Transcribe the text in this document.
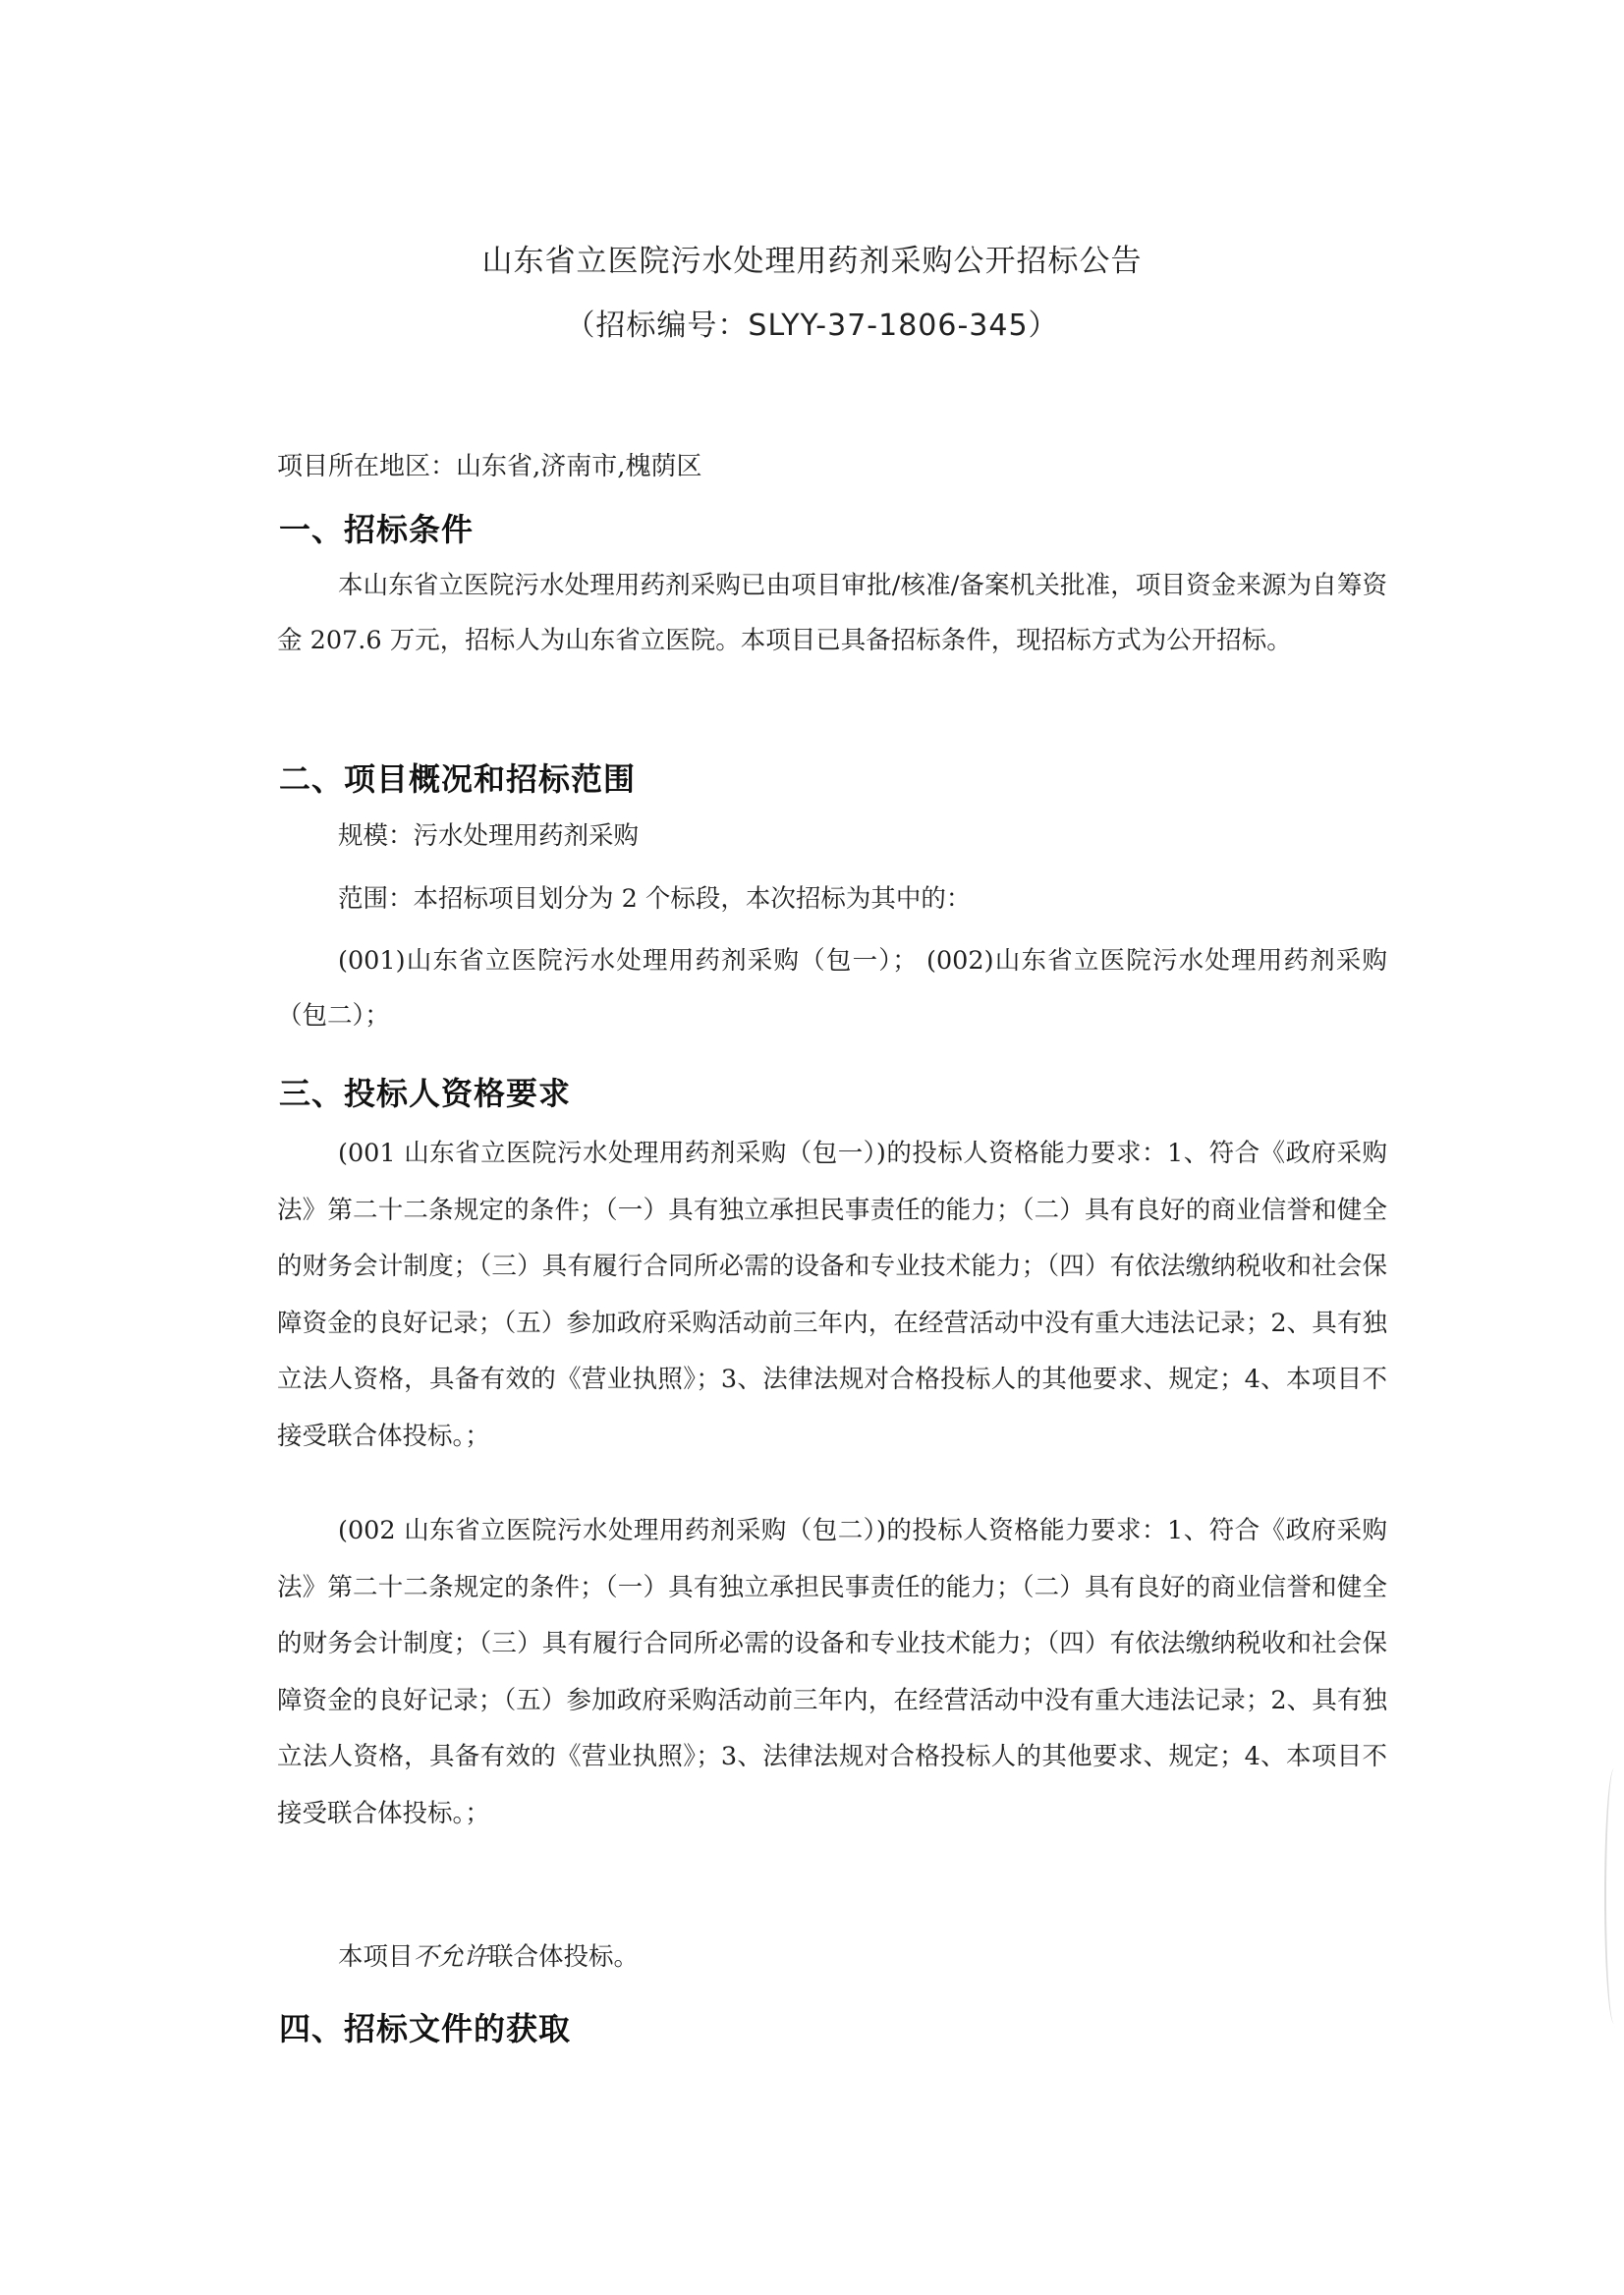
山东省立医院污水处理用药剂采购公开招标公告
（招标编号：SLYY-37-1806-345）
项目所在地区：山东省,济南市,槐荫区
一、招标条件
本山东省立医院污水处理用药剂采购已由项目审批/核准/备案机关批准，项目资金来源为自筹资金 207.6 万元，招标人为山东省立医院。本项目已具备招标条件，现招标方式为公开招标。
二、项目概况和招标范围
规模：污水处理用药剂采购
范围：本招标项目划分为 2 个标段，本次招标为其中的：
(001)山东省立医院污水处理用药剂采购（包一）； (002)山东省立医院污水处理用药剂采购（包二）；
三、投标人资格要求
(001 山东省立医院污水处理用药剂采购（包一）)的投标人资格能力要求：1、符合《政府采购法》第二十二条规定的条件；（一）具有独立承担民事责任的能力；（二）具有良好的商业信誉和健全的财务会计制度；（三）具有履行合同所必需的设备和专业技术能力；（四）有依法缴纳税收和社会保障资金的良好记录；（五）参加政府采购活动前三年内，在经营活动中没有重大违法记录；2、具有独立法人资格，具备有效的《营业执照》；3、法律法规对合格投标人的其他要求、规定；4、本项目不接受联合体投标。；
(002 山东省立医院污水处理用药剂采购（包二）)的投标人资格能力要求：1、符合《政府采购法》第二十二条规定的条件；（一）具有独立承担民事责任的能力；（二）具有良好的商业信誉和健全的财务会计制度；（三）具有履行合同所必需的设备和专业技术能力；（四）有依法缴纳税收和社会保障资金的良好记录；（五）参加政府采购活动前三年内，在经营活动中没有重大违法记录；2、具有独立法人资格，具备有效的《营业执照》；3、法律法规对合格投标人的其他要求、规定；4、本项目不接受联合体投标。；
本项目不允许联合体投标。
四、招标文件的获取
